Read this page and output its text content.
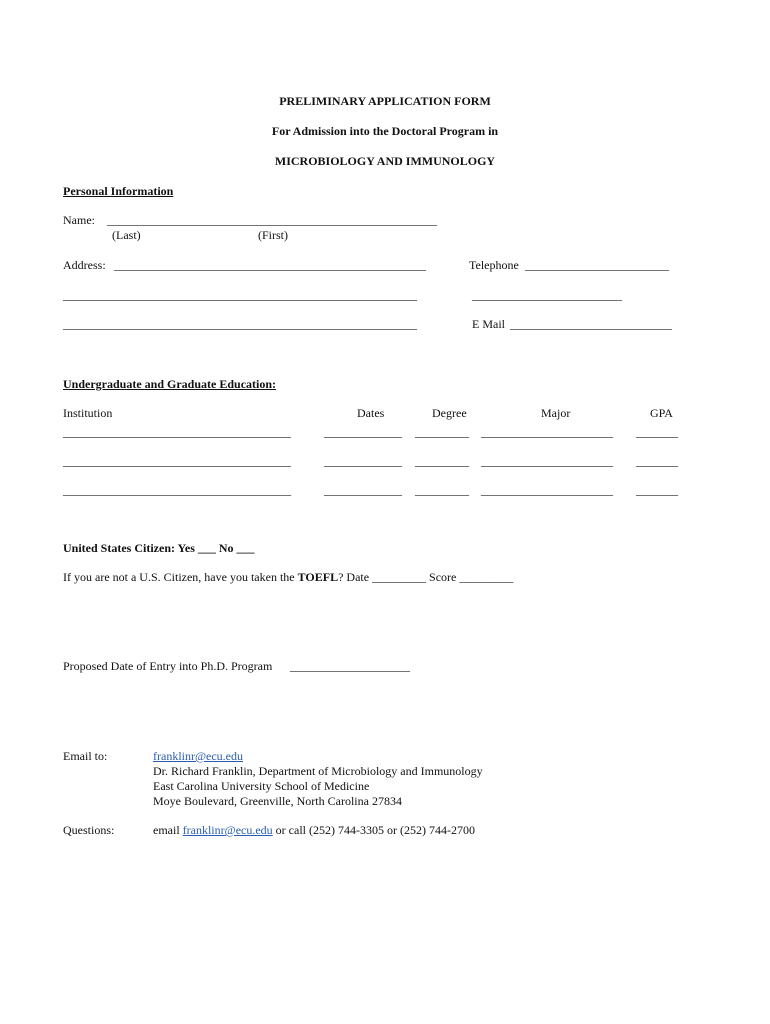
PRELIMINARY APPLICATION FORM
For Admission into the Doctoral Program in
MICROBIOLOGY AND IMMUNOLOGY
Personal Information
Name: _______________________________________________________
(Last)	(First)
Address: ____________________________________________________	Telephone ________________________
___________________________________________________________	_________________________
___________________________________________________________	E Mail ___________________________
Undergraduate and Graduate Education:
Institution	Dates	Degree	Major	GPA
______________________________________	_____________ _________ ______________________ _______
______________________________________	_____________ _________ ______________________ _______
______________________________________	_____________ _________ ______________________ _______
United States Citizen: Yes ___ No ___
If you are not a U.S. Citizen, have you taken the TOEFL? Date _________ Score _________
Proposed Date of Entry into Ph.D. Program ____________________
Email to:	franklinr@ecu.edu
Dr. Richard Franklin, Department of Microbiology and Immunology
East Carolina University School of Medicine
Moye Boulevard, Greenville, North Carolina 27834
Questions:	email franklinr@ecu.edu or call (252) 744-3305 or (252) 744-2700
